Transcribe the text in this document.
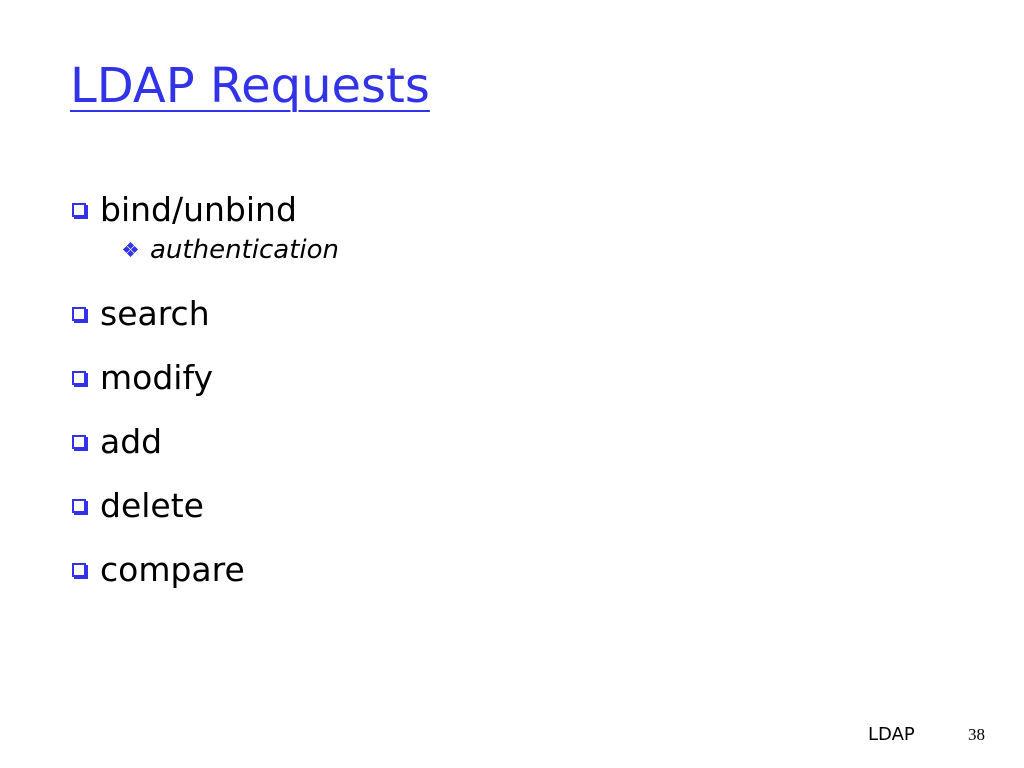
LDAP Requests
bind/unbind
authentication
search
modify
add
delete
compare
LDAP	38
